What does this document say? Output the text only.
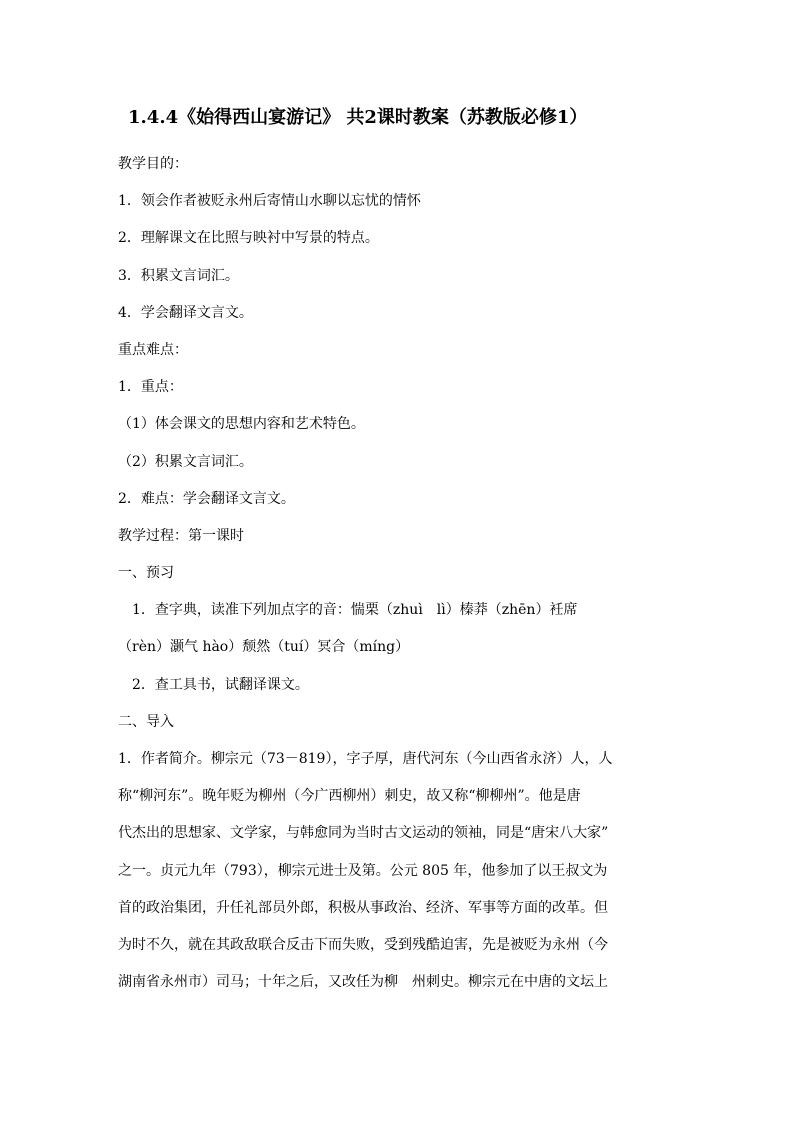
1.4.4《始得西山宴游记》 共2课时教案（苏教版必修1）
教学目的：
1．领会作者被贬永州后寄情山水聊以忘忧的情怀
2．理解课文在比照与映衬中写景的特点。
3．积累文言词汇。
4．学会翻译文言文。
重点难点：
1．重点：
（1）体会课文的思想内容和艺术特色。
（2）积累文言词汇。
2．难点：学会翻译文言文。
教学过程：第一课时
一、预习
1．查字典，读准下列加点字的音：惴栗（zhuì　lì）榛莽（zhēn）衽席
（rèn）灏气 hào）颓然（tuí）冥合（míng）
2．查工具书，试翻译课文。
二、导入
1．作者简介。柳宗元（73－819），字子厚，唐代河东（今山西省永济）人，人
称“柳河东”。晚年贬为柳州（今广西柳州）刺史，故又称“柳柳州”。他是唐
代杰出的思想家、文学家，与韩愈同为当时古文运动的领袖，同是“唐宋八大家”
之一。贞元九年（793），柳宗元进士及第。公元 805 年，他参加了以王叔文为
首的政治集团，升任礼部员外郎，积极从事政治、经济、军事等方面的改革。但
为时不久，就在其政敌联合反击下而失败，受到残酷迫害，先是被贬为永州（今
湖南省永州市）司马；十年之后，又改任为柳　州刺史。柳宗元在中唐的文坛上
